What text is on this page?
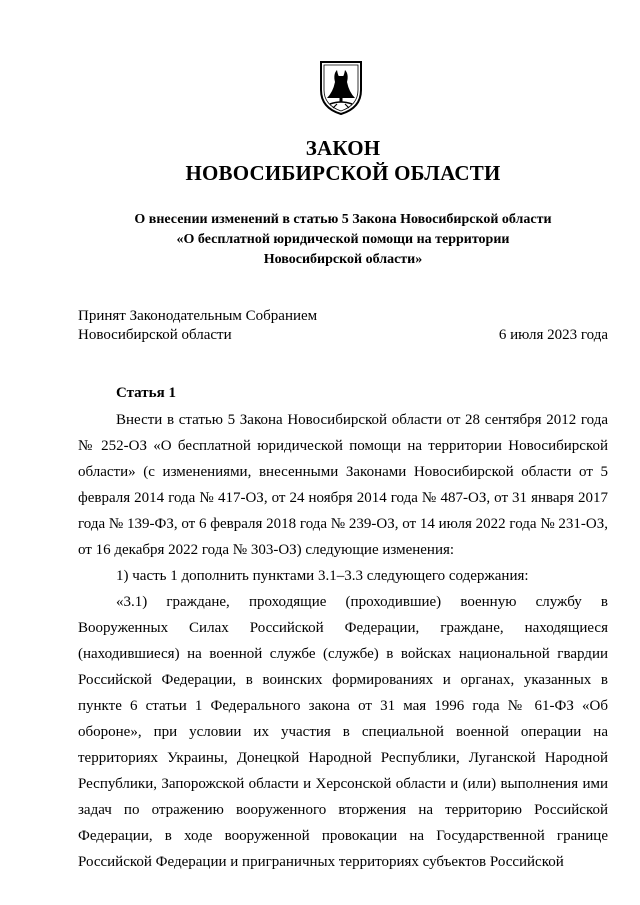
ЗАКОН
НОВОСИБИРСКОЙ ОБЛАСТИ
О внесении изменений в статью 5 Закона Новосибирской области
«О бесплатной юридической помощи на территории
Новосибирской области»
Принят Законодательным Собранием
Новосибирской области	6 июля 2023 года
Статья 1

Внести в статью 5 Закона Новосибирской области от 28 сентября 2012 года № 252-ОЗ «О бесплатной юридической помощи на территории Новосибирской области» (с изменениями, внесенными Законами Новосибирской области от 5 февраля 2014 года № 417-ОЗ, от 24 ноября 2014 года № 487-ОЗ, от 31 января 2017 года № 139-ФЗ, от 6 февраля 2018 года № 239-ОЗ, от 14 июля 2022 года № 231-ОЗ, от 16 декабря 2022 года № 303-ОЗ) следующие изменения:

1) часть 1 дополнить пунктами 3.1–3.3 следующего содержания:

«3.1) граждане, проходящие (проходившие) военную службу в Вооруженных Силах Российской Федерации, граждане, находящиеся (находившиеся) на военной службе (службе) в войсках национальной гвардии Российской Федерации, в воинских формированиях и органах, указанных в пункте 6 статьи 1 Федерального закона от 31 мая 1996 года № 61-ФЗ «Об обороне», при условии их участия в специальной военной операции на территориях Украины, Донецкой Народной Республики, Луганской Народной Республики, Запорожской области и Херсонской области и (или) выполнения ими задач по отражению вооруженного вторжения на территорию Российской Федерации, в ходе вооруженной провокации на Государственной границе Российской Федерации и приграничных территориях субъектов Российской
